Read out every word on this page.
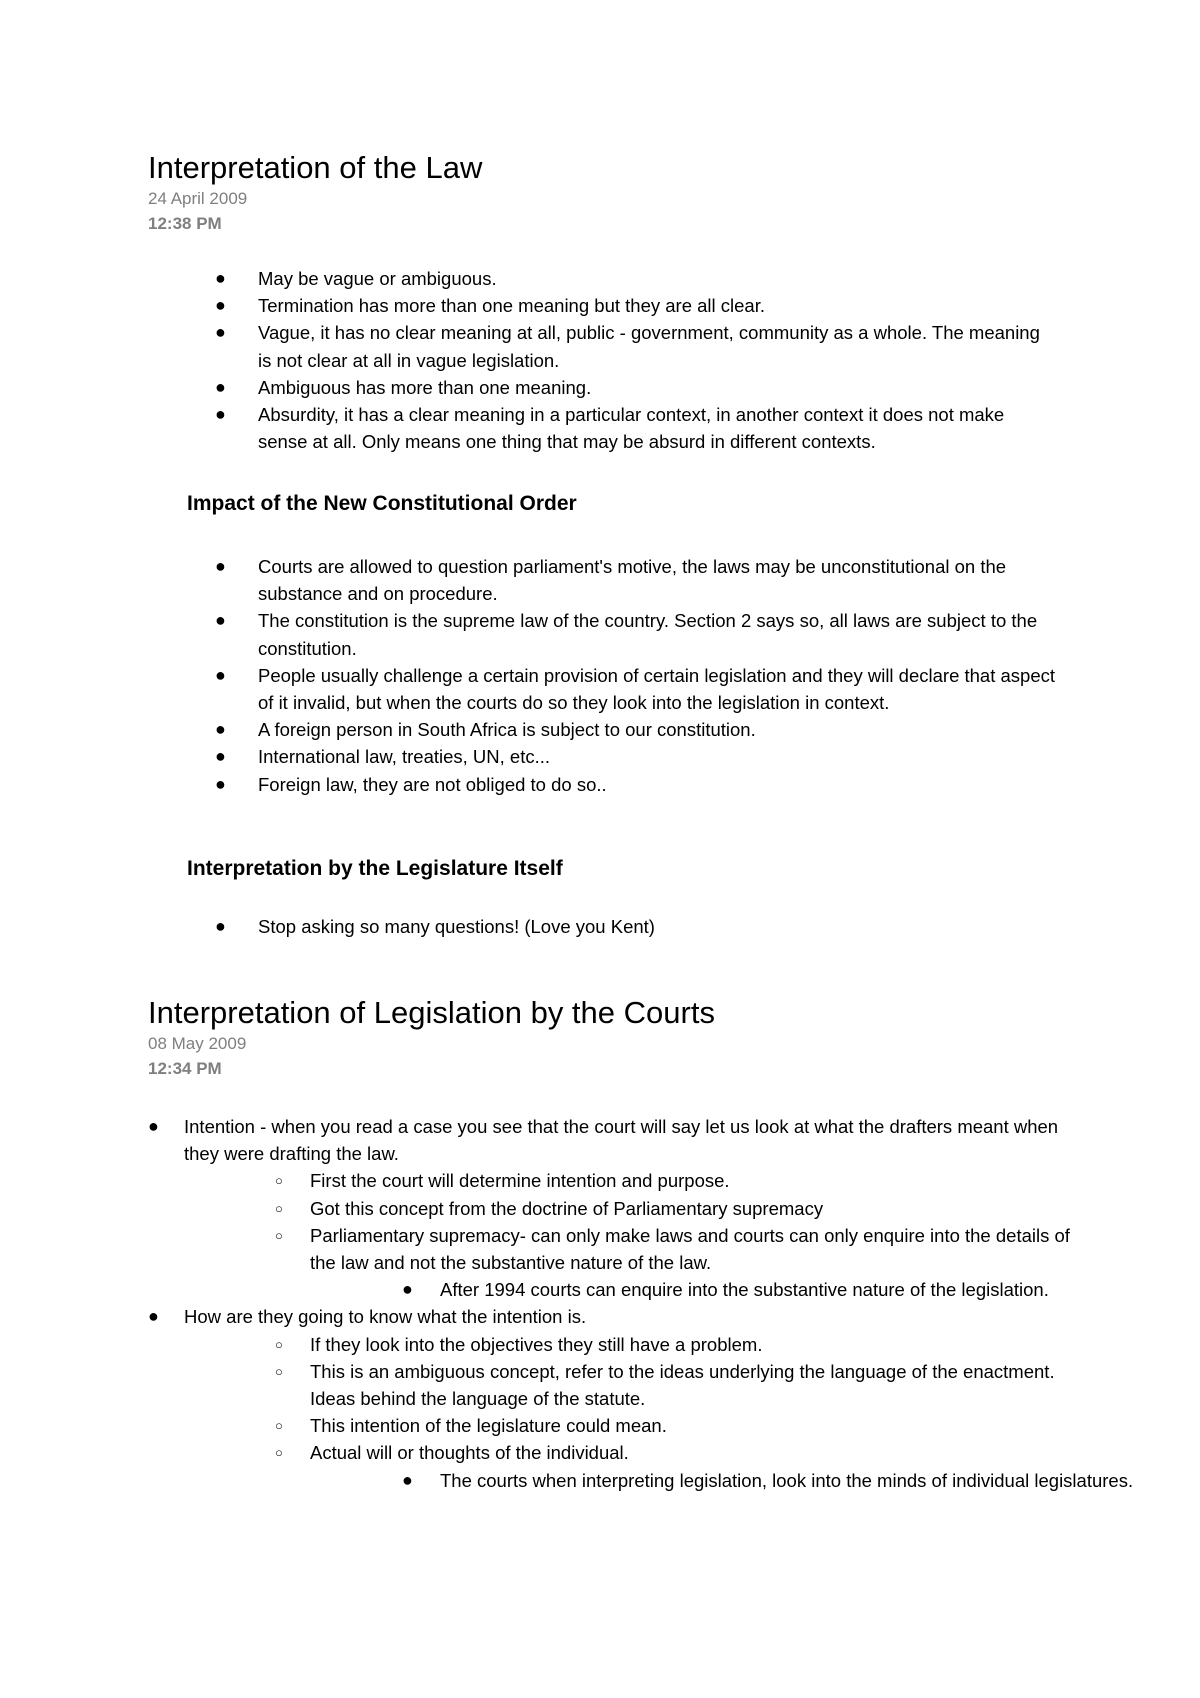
Interpretation of the Law
24 April 2009
12:38 PM
● May be vague or ambiguous.
● Termination has more than one meaning but they are all clear.
● Vague, it has no clear meaning at all, public - government, community as a whole. The meaning is not clear at all in vague legislation.
● Ambiguous has more than one meaning.
● Absurdity, it has a clear meaning in a particular context, in another context it does not make sense at all. Only means one thing that may be absurd in different contexts.
Impact of the New Constitutional Order
● Courts are allowed to question parliament's motive, the laws may be unconstitutional on the substance and on procedure.
● The constitution is the supreme law of the country. Section 2 says so, all laws are subject to the constitution.
● People usually challenge a certain provision of certain legislation and they will declare that aspect of it invalid, but when the courts do so they look into the legislation in context.
● A foreign person in South Africa is subject to our constitution.
● International law, treaties, UN, etc...
● Foreign law, they are not obliged to do so..
Interpretation by the Legislature Itself
● Stop asking so many questions! (Love you Kent)
Interpretation of Legislation by the Courts
08 May 2009
12:34 PM
● Intention - when you read a case you see that the court will say let us look at what the drafters meant when they were drafting the law.
○ First the court will determine intention and purpose.
○ Got this concept from the doctrine of Parliamentary supremacy
○ Parliamentary supremacy- can only make laws and courts can only enquire into the details of the law and not the substantive nature of the law.
● After 1994 courts can enquire into the substantive nature of the legislation.
● How are they going to know what the intention is.
○ If they look into the objectives they still have a problem.
○ This is an ambiguous concept, refer to the ideas underlying the language of the enactment. Ideas behind the language of the statute.
○ This intention of the legislature could mean.
○ Actual will or thoughts of the individual.
● The courts when interpreting legislation, look into the minds of individual legislatures.
